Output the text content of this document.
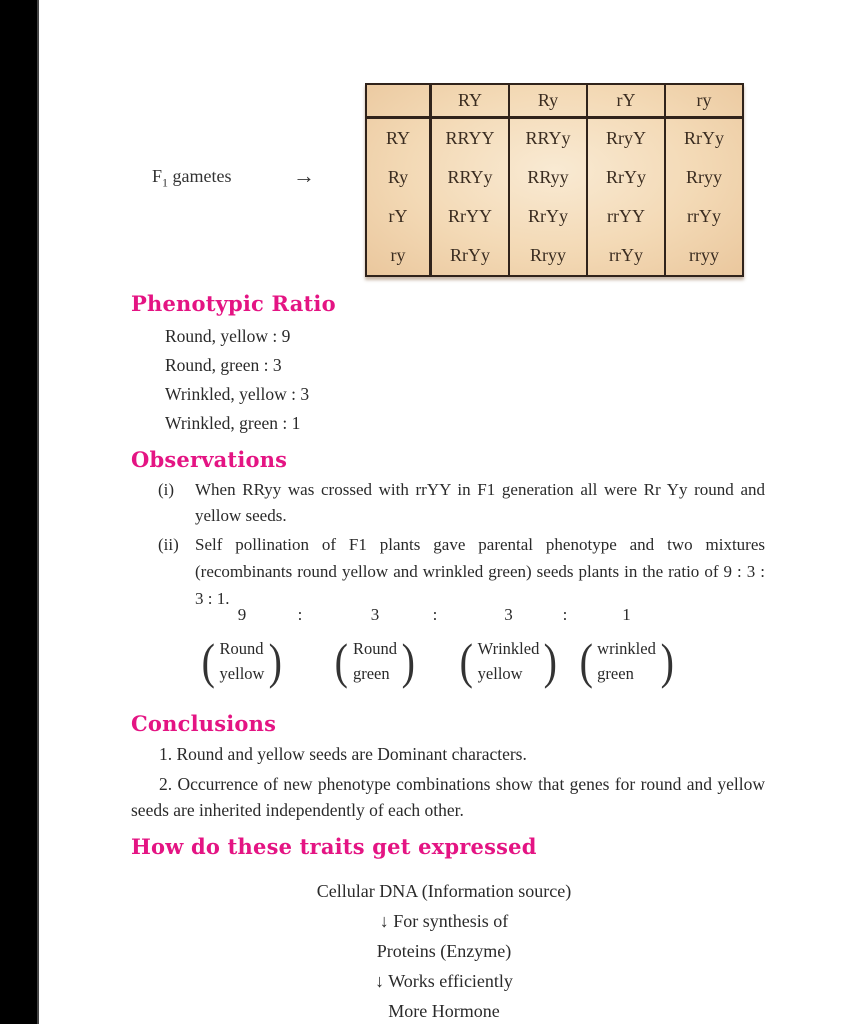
$F_1$ gametes	→
	RY	Ry	rY	ry
RY	RRYY	RRYy	RryY	RrYy
Ry	RRYy	RRyy	RrYy	Rryy
rY	RrYY	RrYy	rrYY	rrYy
ry	RrYy	Rryy	rrYy	rryy
Phenotypic Ratio
Round, yellow : 9
Round, green : 3
Wrinkled, yellow : 3
Wrinkled, green : 1
Observations
(i)	When RRyy was crossed with rrYY in F1 generation all were Rr Yy round and yellow seeds.
(ii) Self pollination of F1 plants gave parental phenotype and two mixtures (recombinants round yellow and wrinkled green) seeds plants in the ratio of 9 : 3 : 3 : 1.
9
( Round
yellow )
:	3
( Round
green )
:	3
( Wrinkled
yellow )
:	1
( wrinkled
green )
Conclusions
1. Round and yellow seeds are Dominant characters.
2. Occurrence of new phenotype combinations show that genes for round and yellow seeds are inherited independently of each other.
How do these traits get expressed
Cellular DNA (Information source)
↓ For synthesis of
Proteins (Enzyme)
↓ Works efficiently
More Hormone
